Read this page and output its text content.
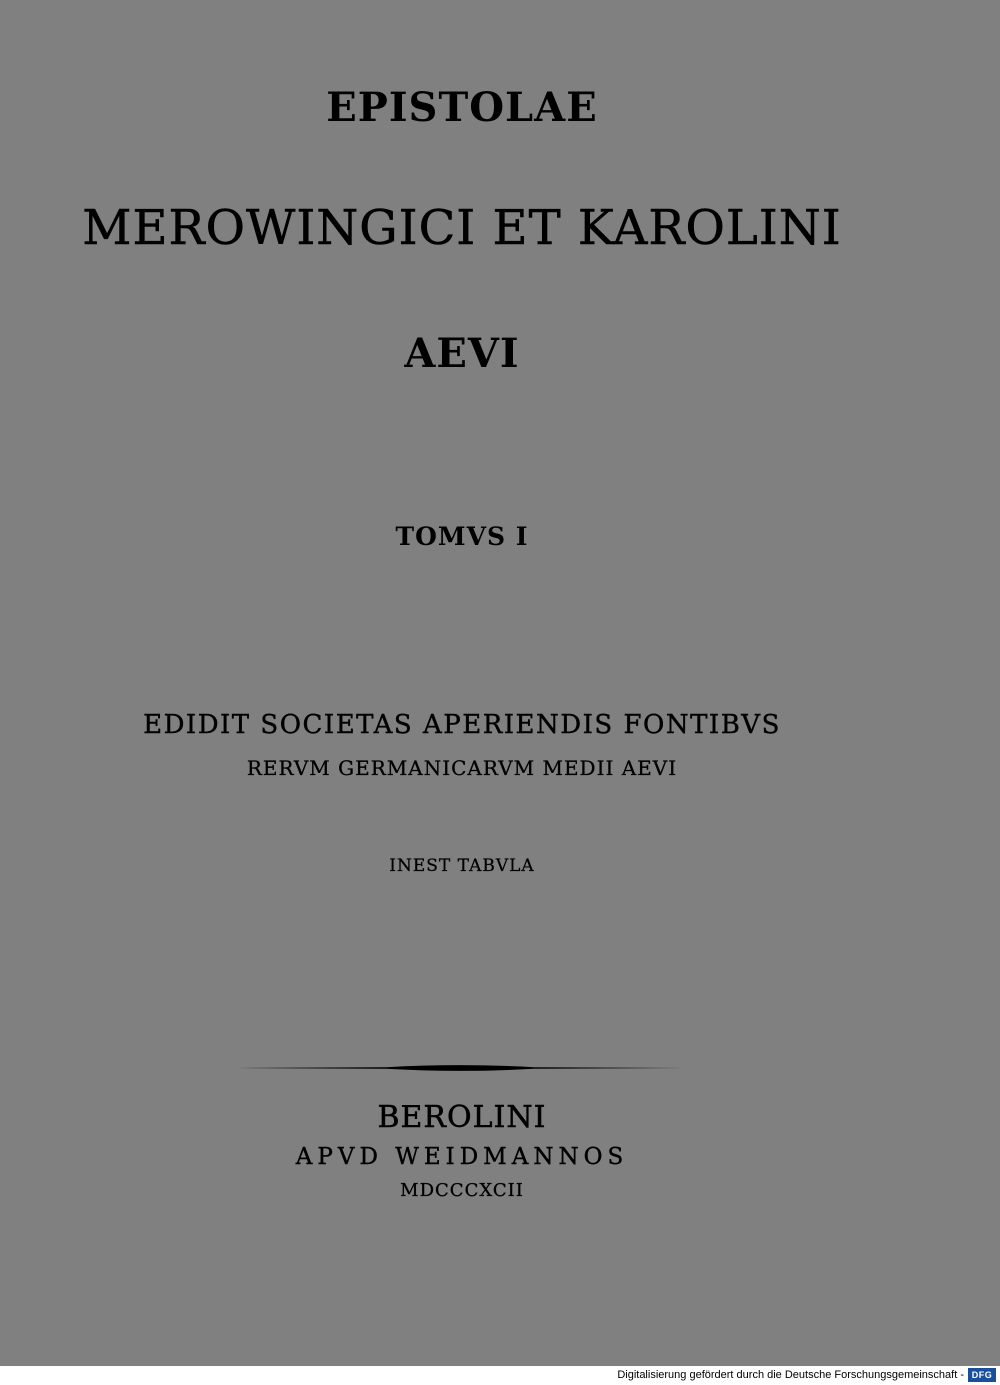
EPISTOLAE
MEROWINGICI ET KAROLINI
AEVI
TOMVS I
EDIDIT SOCIETAS APERIENDIS FONTIBVS
RERVM GERMANICARVM MEDII AEVI
INEST TABVLA
BEROLINI
APVD WEIDMANNOS
MDCCCXCII
Digitalisierung gefördert durch die Deutsche Forschungsgemeinschaft - DFG
